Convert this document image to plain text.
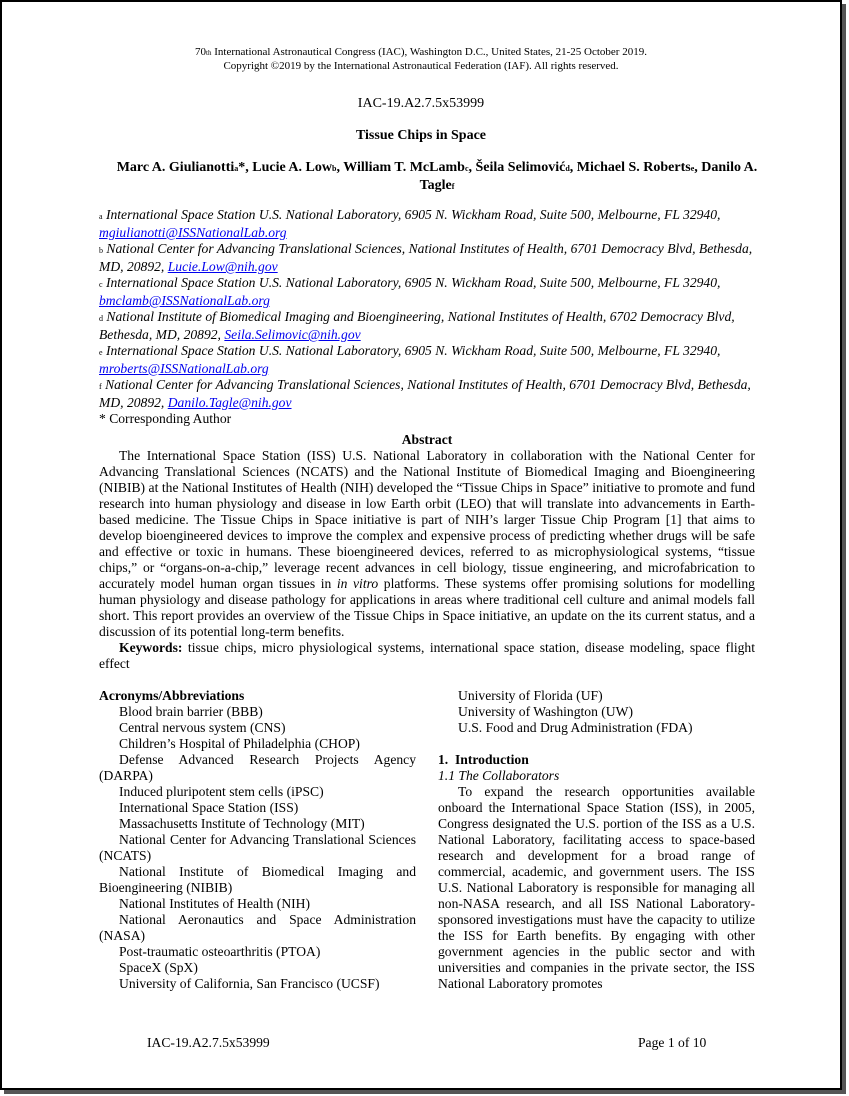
70th International Astronautical Congress (IAC), Washington D.C., United States, 21-25 October 2019.
Copyright ©2019 by the International Astronautical Federation (IAF). All rights reserved.
IAC-19.A2.7.5x53999
Tissue Chips in Space
Marc A. Giulianottia*, Lucie A. Lowb, William T. McLambc, Šeila Selimovićd, Michael S. Robertse, Danilo A. Taglef
a International Space Station U.S. National Laboratory, 6905 N. Wickham Road, Suite 500, Melbourne, FL 32940, mgiulianotti@ISSNationalLab.org
b National Center for Advancing Translational Sciences, National Institutes of Health, 6701 Democracy Blvd, Bethesda, MD, 20892, Lucie.Low@nih.gov
c International Space Station U.S. National Laboratory, 6905 N. Wickham Road, Suite 500, Melbourne, FL 32940, bmclamb@ISSNationalLab.org
d National Institute of Biomedical Imaging and Bioengineering, National Institutes of Health, 6702 Democracy Blvd, Bethesda, MD, 20892, Seila.Selimovic@nih.gov
e International Space Station U.S. National Laboratory, 6905 N. Wickham Road, Suite 500, Melbourne, FL 32940, mroberts@ISSNationalLab.org
f National Center for Advancing Translational Sciences, National Institutes of Health, 6701 Democracy Blvd, Bethesda, MD, 20892, Danilo.Tagle@nih.gov
* Corresponding Author
Abstract

The International Space Station (ISS) U.S. National Laboratory in collaboration with the National Center for Advancing Translational Sciences (NCATS) and the National Institute of Biomedical Imaging and Bioengineering (NIBIB) at the National Institutes of Health (NIH) developed the “Tissue Chips in Space” initiative to promote and fund research into human physiology and disease in low Earth orbit (LEO) that will translate into advancements in Earth-based medicine. The Tissue Chips in Space initiative is part of NIH’s larger Tissue Chip Program [1] that aims to develop bioengineered devices to improve the complex and expensive process of predicting whether drugs will be safe and effective or toxic in humans. These bioengineered devices, referred to as microphysiological systems, “tissue chips,” or “organs-on-a-chip,” leverage recent advances in cell biology, tissue engineering, and microfabrication to accurately model human organ tissues in in vitro platforms. These systems offer promising solutions for modelling human physiology and disease pathology for applications in areas where traditional cell culture and animal models fall short. This report provides an overview of the Tissue Chips in Space initiative, an update on the its current status, and a discussion of its potential long-term benefits.

Keywords: tissue chips, micro physiological systems, international space station, disease modeling, space flight effect

Acronyms/Abbreviations
Blood brain barrier (BBB)
Central nervous system (CNS)
Children’s Hospital of Philadelphia (CHOP)
Defense Advanced Research Projects Agency (DARPA)
Induced pluripotent stem cells (iPSC)
International Space Station (ISS)
Massachusetts Institute of Technology (MIT)
National Center for Advancing Translational Sciences (NCATS)
National Institute of Biomedical Imaging and Bioengineering (NIBIB)
National Institutes of Health (NIH)
National Aeronautics and Space Administration (NASA)
Post-traumatic osteoarthritis (PTOA)
SpaceX (SpX)
University of California, San Francisco (UCSF)
University of Florida (UF)
University of Washington (UW)
U.S. Food and Drug Administration (FDA)
1. Introduction
1.1 The Collaborators

To expand the research opportunities available onboard the International Space Station (ISS), in 2005, Congress designated the U.S. portion of the ISS as a U.S. National Laboratory, facilitating access to space-based research and development for a broad range of commercial, academic, and government users. The ISS U.S. National Laboratory is responsible for managing all non-NASA research, and all ISS National Laboratory-sponsored investigations must have the capacity to utilize the ISS for Earth benefits. By engaging with other government agencies in the public sector and with universities and companies in the private sector, the ISS National Laboratory promotes

IAC-19.A2.7.5x53999	Page 1 of 10
